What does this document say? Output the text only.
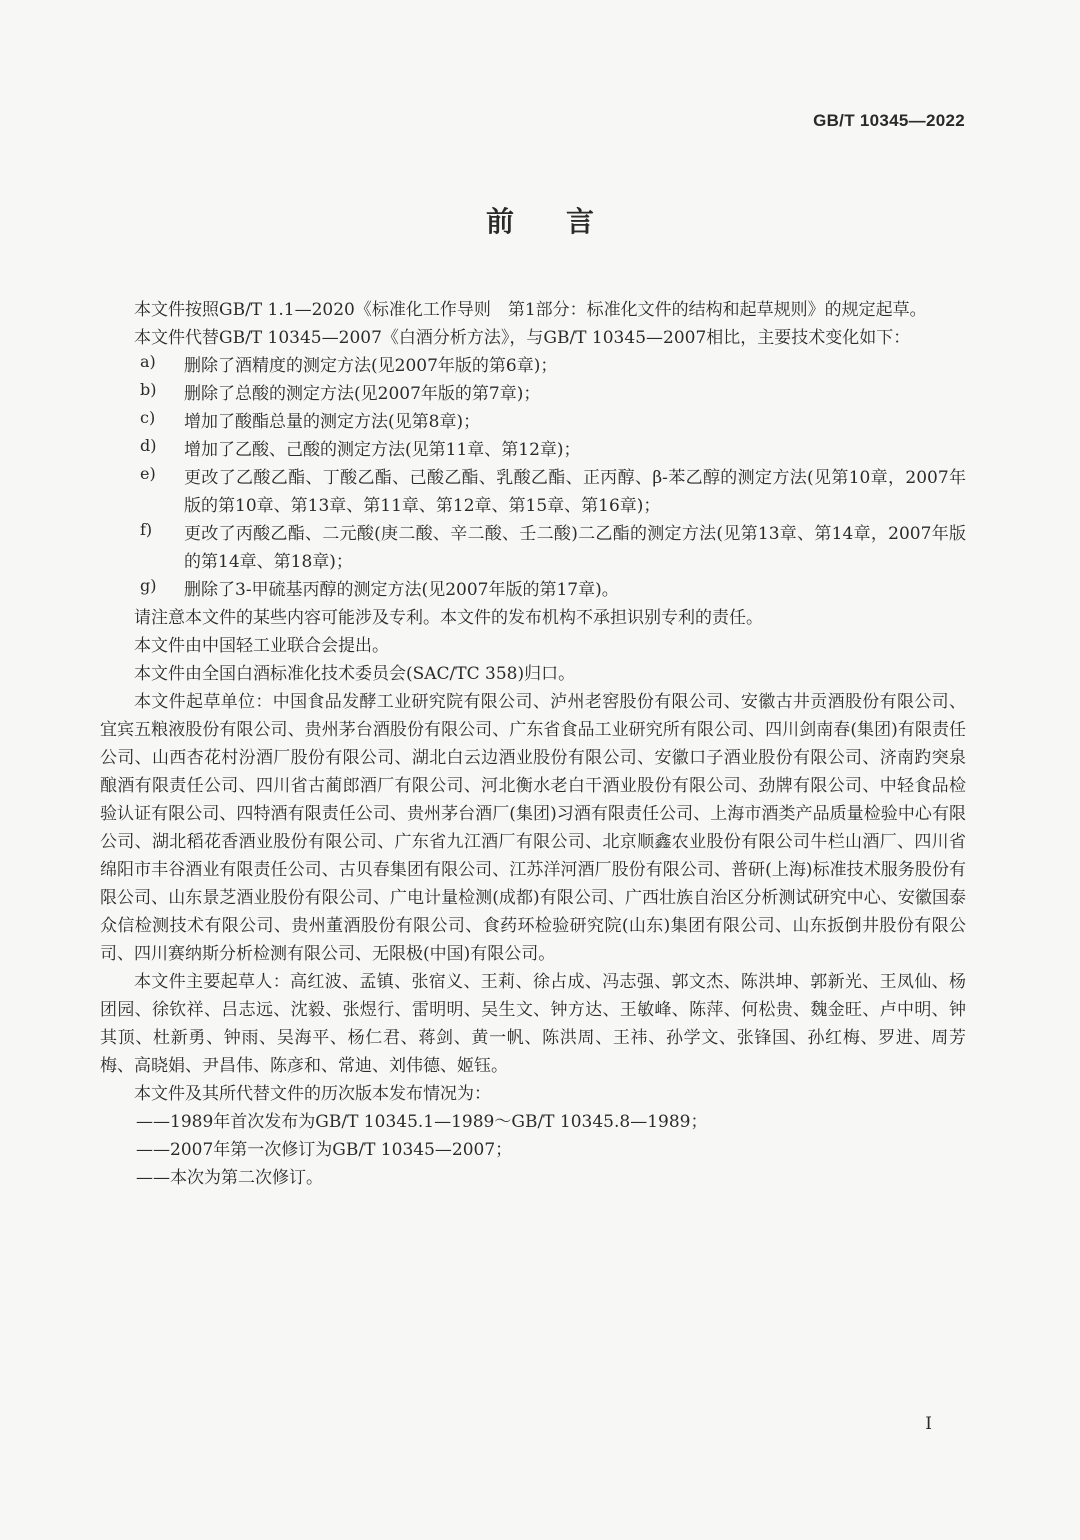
GB/T 10345—2022
前言

本文件按照GB/T 1.1—2020《标准化工作导则　第1部分：标准化文件的结构和起草规则》的规定起草。

本文件代替GB/T 10345—2007《白酒分析方法》，与GB/T 10345—2007相比，主要技术变化如下：

a)	删除了酒精度的测定方法(见2007年版的第6章)；

b)	删除了总酸的测定方法(见2007年版的第7章)；

c)	增加了酸酯总量的测定方法(见第8章)；

d)	增加了乙酸、己酸的测定方法(见第11章、第12章)；

e)	更改了乙酸乙酯、丁酸乙酯、己酸乙酯、乳酸乙酯、正丙醇、β-苯乙醇的测定方法(见第10章，2007年版的第10章、第13章、第11章、第12章、第15章、第16章)；

f)	更改了丙酸乙酯、二元酸(庚二酸、辛二酸、壬二酸)二乙酯的测定方法(见第13章、第14章，2007年版的第14章、第18章)；

g)	删除了3-甲硫基丙醇的测定方法(见2007年版的第17章)。

请注意本文件的某些内容可能涉及专利。本文件的发布机构不承担识别专利的责任。

本文件由中国轻工业联合会提出。

本文件由全国白酒标准化技术委员会(SAC/TC 358)归口。

本文件起草单位：中国食品发酵工业研究院有限公司、泸州老窖股份有限公司、安徽古井贡酒股份有限公司、宜宾五粮液股份有限公司、贵州茅台酒股份有限公司、广东省食品工业研究所有限公司、四川剑南春(集团)有限责任公司、山西杏花村汾酒厂股份有限公司、湖北白云边酒业股份有限公司、安徽口子酒业股份有限公司、济南趵突泉酿酒有限责任公司、四川省古蔺郎酒厂有限公司、河北衡水老白干酒业股份有限公司、劲牌有限公司、中轻食品检验认证有限公司、四特酒有限责任公司、贵州茅台酒厂(集团)习酒有限责任公司、上海市酒类产品质量检验中心有限公司、湖北稻花香酒业股份有限公司、广东省九江酒厂有限公司、北京顺鑫农业股份有限公司牛栏山酒厂、四川省绵阳市丰谷酒业有限责任公司、古贝春集团有限公司、江苏洋河酒厂股份有限公司、普研(上海)标准技术服务股份有限公司、山东景芝酒业股份有限公司、广电计量检测(成都)有限公司、广西壮族自治区分析测试研究中心、安徽国泰众信检测技术有限公司、贵州董酒股份有限公司、食药环检验研究院(山东)集团有限公司、山东扳倒井股份有限公司、四川赛纳斯分析检测有限公司、无限极(中国)有限公司。

本文件主要起草人：高红波、孟镇、张宿义、王莉、徐占成、冯志强、郭文杰、陈洪坤、郭新光、王凤仙、杨团园、徐钦祥、吕志远、沈毅、张煜行、雷明明、吴生文、钟方达、王敏峰、陈萍、何松贵、魏金旺、卢中明、钟其顶、杜新勇、钟雨、吴海平、杨仁君、蒋剑、黄一帆、陈洪周、王祎、孙学文、张锋国、孙红梅、罗进、周芳梅、高晓娟、尹昌伟、陈彦和、常迪、刘伟德、姬钰。

本文件及其所代替文件的历次版本发布情况为：

——1989年首次发布为GB/T 10345.1—1989～GB/T 10345.8—1989；

——2007年第一次修订为GB/T 10345—2007；

——本次为第二次修订。

I
